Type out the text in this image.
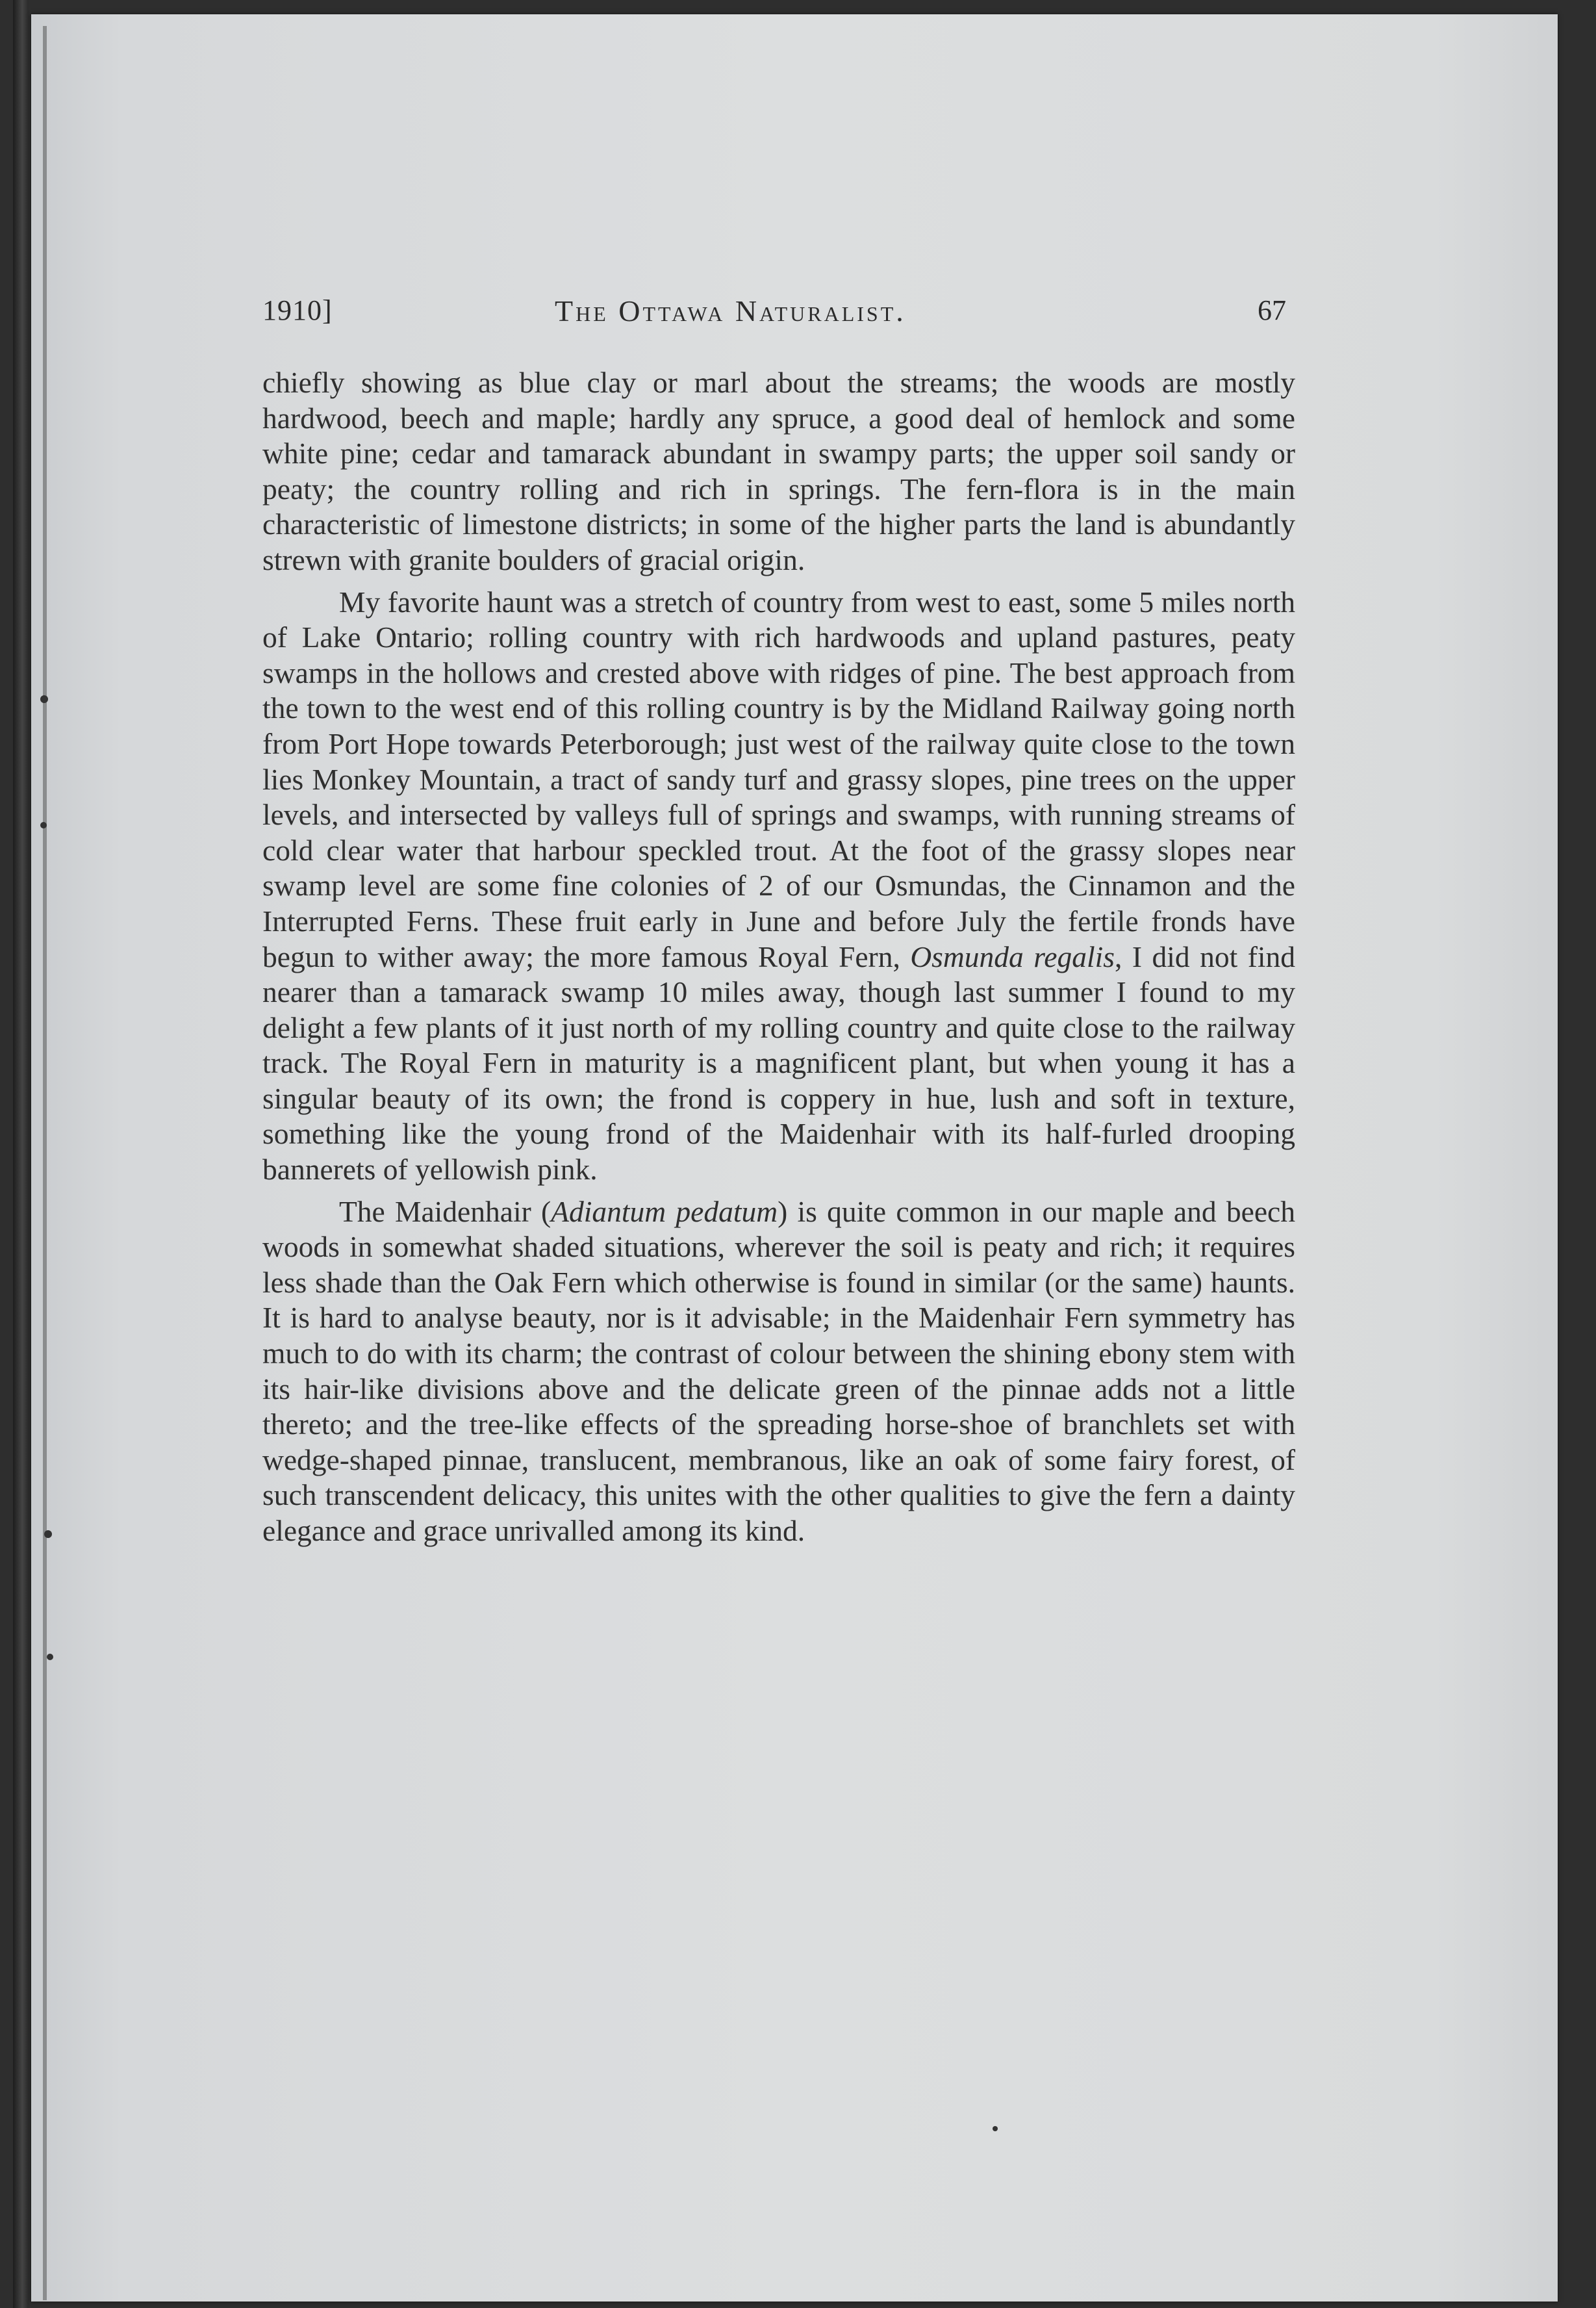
1910]	The Ottawa Naturalist.	67

chiefly showing as blue clay or marl about the streams; the woods are mostly hardwood, beech and maple; hardly any spruce, a good deal of hemlock and some white pine; cedar and tamarack abundant in swampy parts; the upper soil sandy or peaty; the country rolling and rich in springs. The fern-flora is in the main characteristic of limestone districts; in some of the higher parts the land is abundantly strewn with granite boulders of gracial origin.

My favorite haunt was a stretch of country from west to east, some 5 miles north of Lake Ontario; rolling country with rich hardwoods and upland pastures, peaty swamps in the hollows and crested above with ridges of pine. The best approach from the town to the west end of this rolling country is by the Midland Railway going north from Port Hope towards Peterborough; just west of the railway quite close to the town lies Monkey Mountain, a tract of sandy turf and grassy slopes, pine trees on the upper levels, and intersected by valleys full of springs and swamps, with running streams of cold clear water that harbour speckled trout. At the foot of the grassy slopes near swamp level are some fine colonies of 2 of our Osmundas, the Cinnamon and the Interrupted Ferns. These fruit early in June and before July the fertile fronds have begun to wither away; the more famous Royal Fern, Osmunda regalis, I did not find nearer than a tamarack swamp 10 miles away, though last summer I found to my delight a few plants of it just north of my rolling country and quite close to the railway track. The Royal Fern in maturity is a magnificent plant, but when young it has a singular beauty of its own; the frond is coppery in hue, lush and soft in texture, something like the young frond of the Maidenhair with its half-furled drooping bannerets of yellowish pink.

The Maidenhair (Adiantum pedatum) is quite common in our maple and beech woods in somewhat shaded situations, wherever the soil is peaty and rich; it requires less shade than the Oak Fern which otherwise is found in similar (or the same) haunts. It is hard to analyse beauty, nor is it advisable; in the Maidenhair Fern symmetry has much to do with its charm; the contrast of colour between the shining ebony stem with its hair-like divisions above and the delicate green of the pinnae adds not a little thereto; and the tree-like effects of the spreading horse-shoe of branchlets set with wedge-shaped pinnae, translucent, membranous, like an oak of some fairy forest, of such transcendent delicacy, this unites with the other qualities to give the fern a dainty elegance and grace unrivalled among its kind.
